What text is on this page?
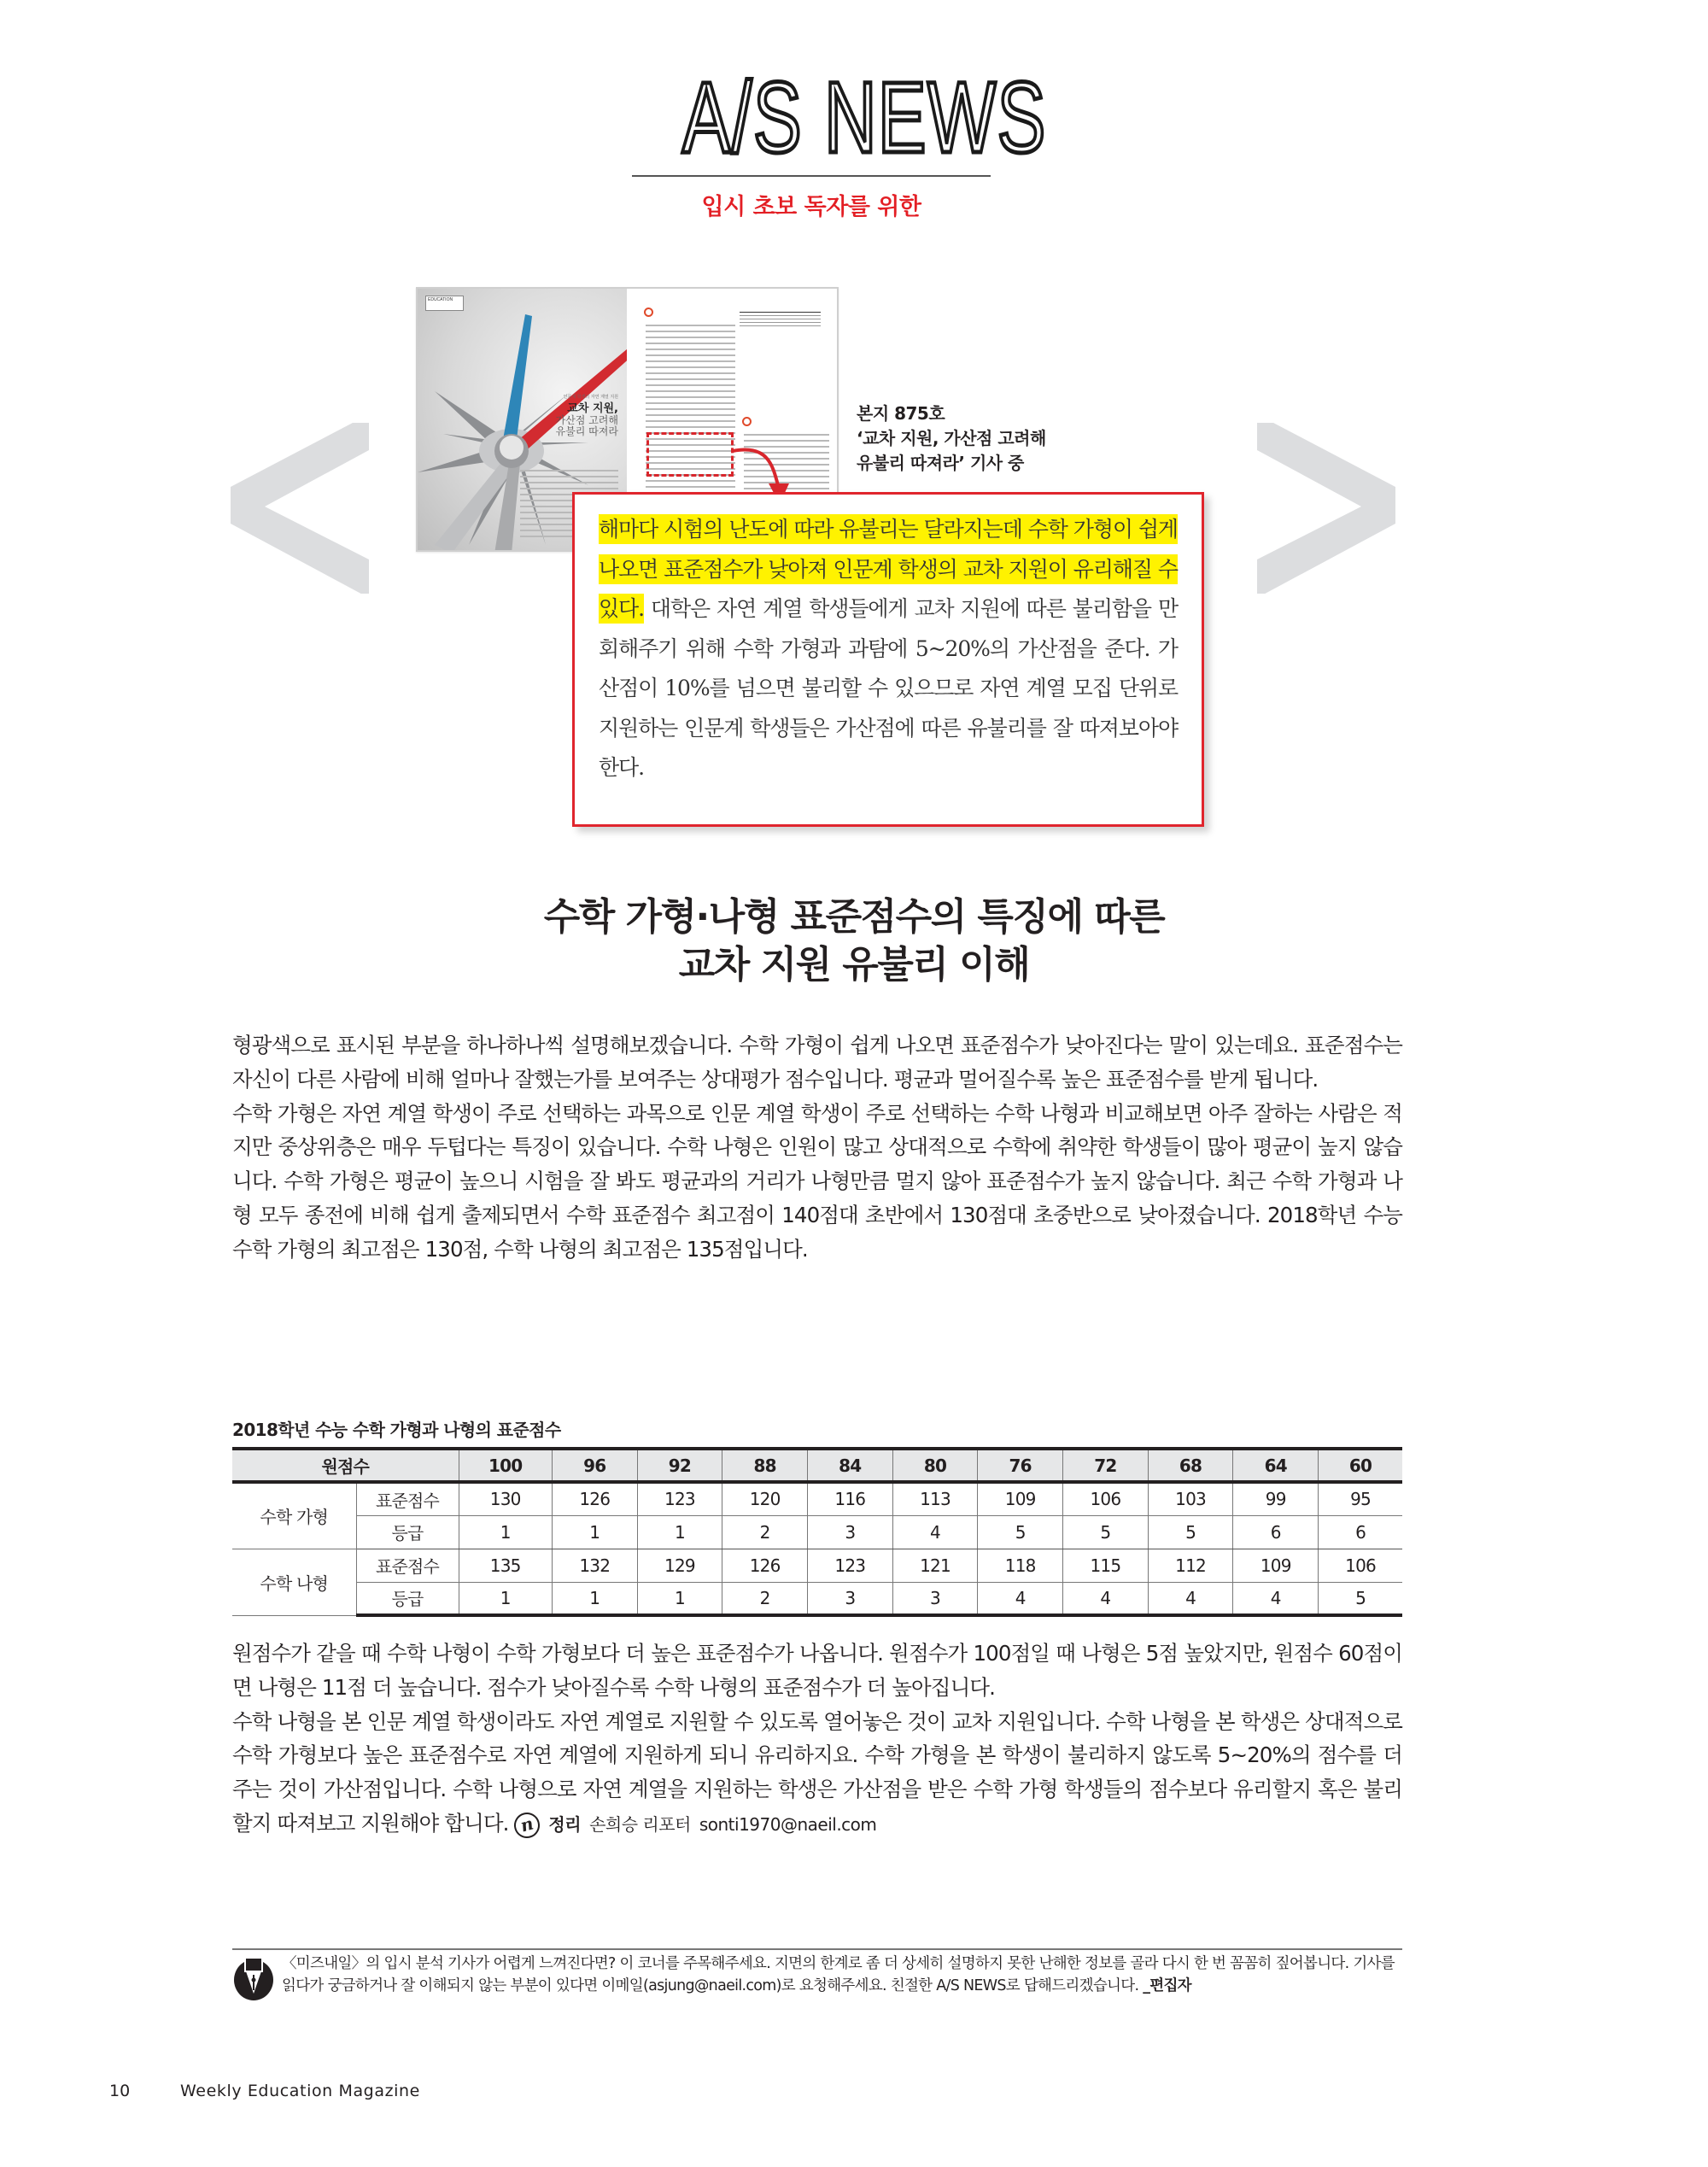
A/S NEWS
입시 초보 독자를 위한
EDUCATION
인문계 학생의 자연 계열 지원
교차 지원,
가산점 고려해
유불리 따져라
본지 875호
‘교차 지원, 가산점 고려해
유불리 따져라’ 기사 중

해마다 시험의 난도에 따라 유불리는 달라지는데 수학 가형이 쉽게 나오면 표준점수가 낮아져 인문계 학생의 교차 지원이 유리해질 수 있다. 대학은 자연 계열 학생들에게 교차 지원에 따른 불리함을 만회해주기 위해 수학 가형과 과탐에 5~20%의 가산점을 준다. 가산점이 10%를 넘으면 불리할 수 있으므로 자연 계열 모집 단위로 지원하는 인문계 학생들은 가산점에 따른 유불리를 잘 따져보아야 한다.

수학 가형·나형 표준점수의 특징에 따른
교차 지원 유불리 이해

형광색으로 표시된 부분을 하나하나씩 설명해보겠습니다. 수학 가형이 쉽게 나오면 표준점수가 낮아진다는 말이 있는데요. 표준점수는 자신이 다른 사람에 비해 얼마나 잘했는가를 보여주는 상대평가 점수입니다. 평균과 멀어질수록 높은 표준점수를 받게 됩니다.

수학 가형은 자연 계열 학생이 주로 선택하는 과목으로 인문 계열 학생이 주로 선택하는 수학 나형과 비교해보면 아주 잘하는 사람은 적지만 중상위층은 매우 두텁다는 특징이 있습니다. 수학 나형은 인원이 많고 상대적으로 수학에 취약한 학생들이 많아 평균이 높지 않습니다. 수학 가형은 평균이 높으니 시험을 잘 봐도 평균과의 거리가 나형만큼 멀지 않아 표준점수가 높지 않습니다. 최근 수학 가형과 나형 모두 종전에 비해 쉽게 출제되면서 수학 표준점수 최고점이 140점대 초반에서 130점대 초중반으로 낮아졌습니다. 2018학년 수능 수학 가형의 최고점은 130점, 수학 나형의 최고점은 135점입니다.

2018학년 수능 수학 가형과 나형의 표준점수
원점수		100	96	92	88	84	80	76	72	68	64	60
수학 가형	표준점수	130	126	123	120	116	113	109	106	103	99	95
	등급	1	1	1	2	3	4	5	5	5	6	6
수학 나형	표준점수	135	132	129	126	123	121	118	115	112	109	106
	등급	1	1	1	2	3	3	4	4	4	4	5

원점수가 같을 때 수학 나형이 수학 가형보다 더 높은 표준점수가 나옵니다. 원점수가 100점일 때 나형은 5점 높았지만, 원점수 60점이면 나형은 11점 더 높습니다. 점수가 낮아질수록 수학 나형의 표준점수가 더 높아집니다.

수학 나형을 본 인문 계열 학생이라도 자연 계열로 지원할 수 있도록 열어놓은 것이 교차 지원입니다. 수학 나형을 본 학생은 상대적으로 수학 가형보다 높은 표준점수로 자연 계열에 지원하게 되니 유리하지요. 수학 가형을 본 학생이 불리하지 않도록 5~20%의 점수를 더 주는 것이 가산점입니다. 수학 나형으로 자연 계열을 지원하는 학생은 가산점을 받은 수학 가형 학생들의 점수보다 유리할지 혹은 불리할지 따져보고 지원해야 합니다. n 정리 손희승 리포터 sonti1970@naeil.com

〈미즈내일〉의 입시 분석 기사가 어렵게 느껴진다면? 이 코너를 주목해주세요. 지면의 한계로 좀 더 상세히 설명하지 못한 난해한 정보를 골라 다시 한 번 꼼꼼히 짚어봅니다. 기사를 읽다가 궁금하거나 잘 이해되지 않는 부분이 있다면 이메일(asjung@naeil.com)로 요청해주세요. 친절한 A/S NEWS로 답해드리겠습니다. _편집자
10	Weekly Education Magazine
